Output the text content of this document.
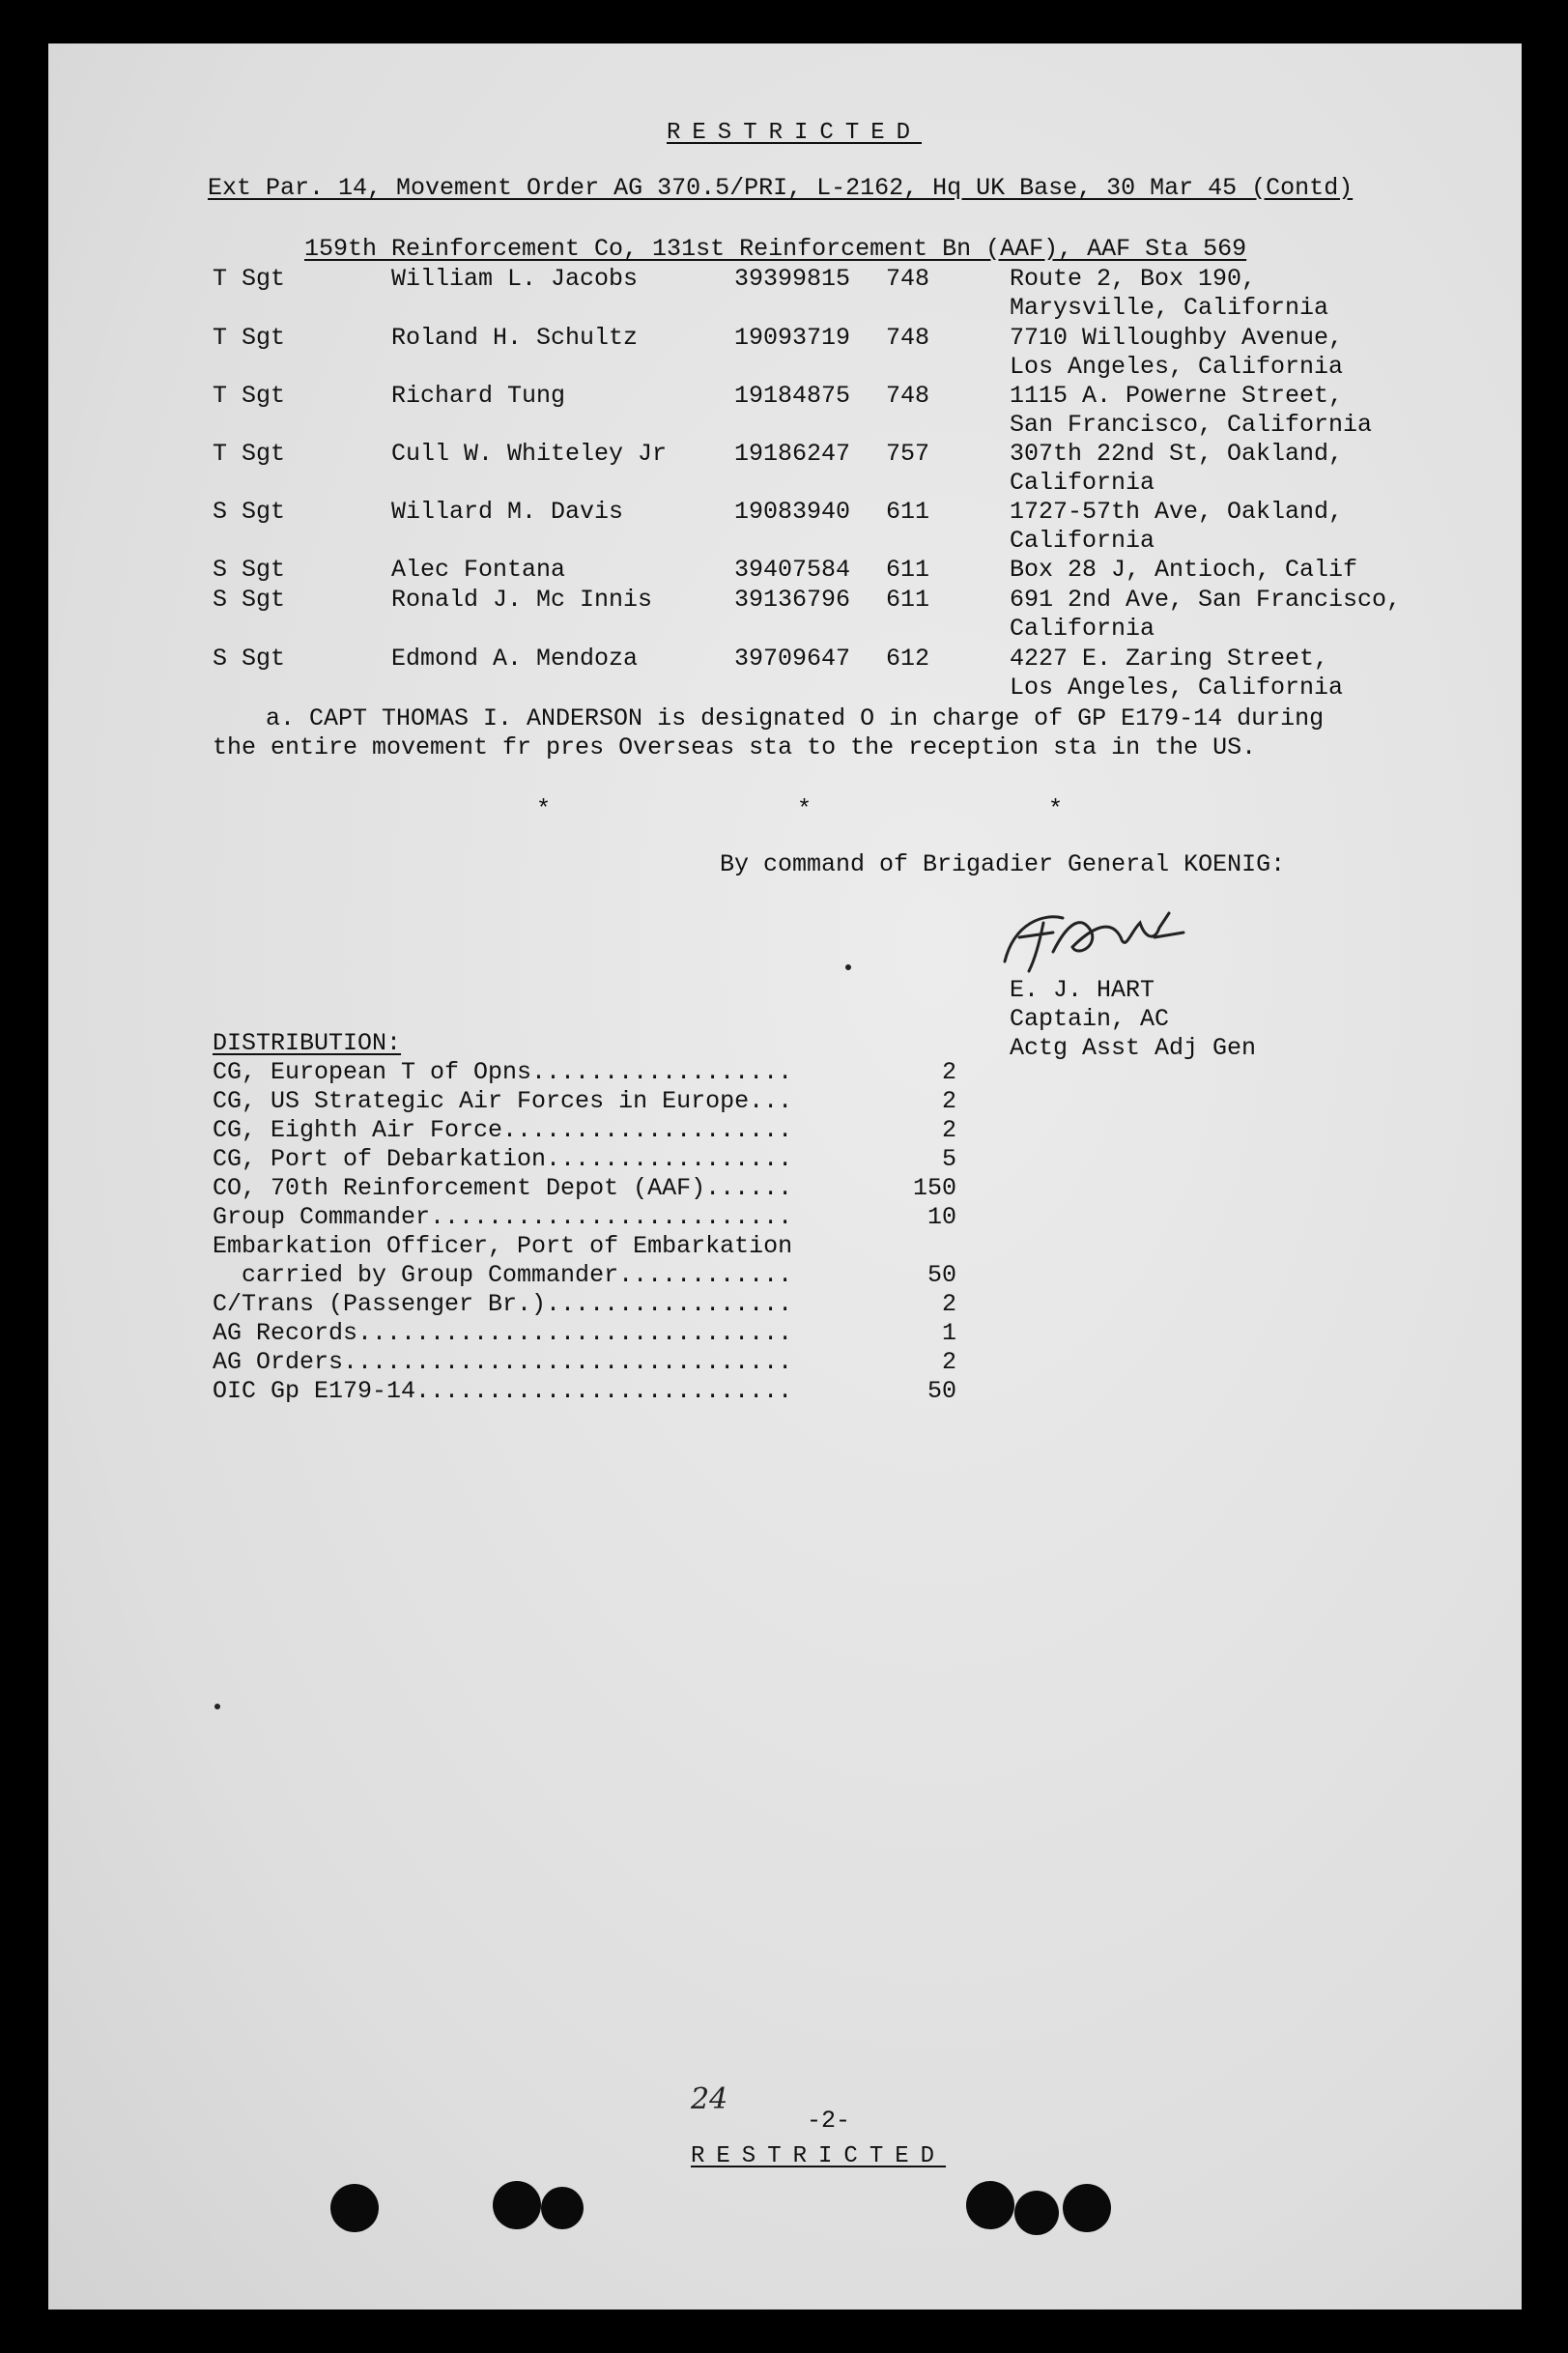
RESTRICTED
Ext Par. 14, Movement Order AG 370.5/PRI, L-2162, Hq UK Base, 30 Mar 45 (Contd)
159th Reinforcement Co, 131st Reinforcement Bn (AAF), AAF Sta 569
T Sgt	William L. Jacobs	39399815 748	Route 2, Box 190,
Marysville, California
T Sgt	Roland H. Schultz	19093719 748	7710 Willoughby Avenue,
Los Angeles, California
T Sgt	Richard Tung	19184875 748	1115 A. Powerne Street,
San Francisco, California
T Sgt	Cull W. Whiteley Jr	19186247 757	307th 22nd St, Oakland,
California
S Sgt	Willard M. Davis	19083940 611	1727-57th Ave, Oakland,
California
S Sgt	Alec Fontana	39407584 611	Box 28 J, Antioch, Calif
S Sgt	Ronald J. Mc Innis	39136796 611	691 2nd Ave, San Francisco,
California
S Sgt	Edmond A. Mendoza	39709647 612	4227 E. Zaring Street,
Los Angeles, California
a. CAPT THOMAS I. ANDERSON is designated O in charge of GP E179-14 during
the entire movement fr pres Overseas sta to the reception sta in the US.
*	*	*
By command of Brigadier General KOENIG:
E. J. HART
Captain, AC
Actg Asst Adj Gen
DISTRIBUTION:
CG, European T of Opns..................	2
CG, US Strategic Air Forces in Europe...	2
CG, Eighth Air Force....................	2
CG, Port of Debarkation.................	5
CO, 70th Reinforcement Depot (AAF)......	150
Group Commander.........................	10
Embarkation Officer, Port of Embarkation
carried by Group Commander............	50
C/Trans (Passenger Br.).................	2
AG Records..............................	1
AG Orders...............................	2
OIC Gp E179-14..........................	50
24
-2-
RESTRICTED
